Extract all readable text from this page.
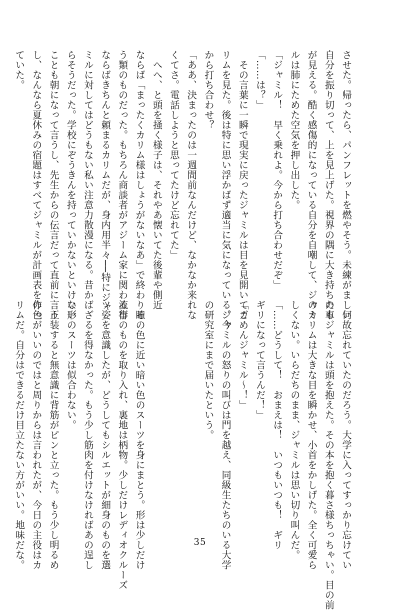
させた。帰ったら、パンフレットを燃やそう。未練がましい
自分を振り切って、上を見上げた。視界の隅に大き持ちの車
が見える。酷く感傷的になっている自分を自嘲して、ジャミ
ルは肺にためた空気を押し出した。
「ジャミル！　早く乗れよ。今から打ち合わせだぞ」
「……は？」
　その言葉に一瞬で現実に戻ったジャミルは目を見開いてカ
リムを見た。後は特に思い浮かばず適当に気になっている。今
から打ち合わせ？
「ああ、決まったのは一週間前なんだけど、なかなか来れな
くてさ。電話しようと思ってたけど忘れてた」
　へへ、と頭を掻く様子は、それやあ懐いてた後輩や側近
ならば「まったくカリム様はしょうがないなあ」で終わりそ
う類のものだった。もちろん商談者がアジーム家に関わる事
ならばきちんと頼まるカリムだが、身内用半々──特にジャ
ミルに対してはどうもない私い注意力散漫になる。昔か
らそうだった。学校にぞうきんを持っていかないといけない
ことも朝になって言うし、先生からの伝言だって直前に言う
し、なんなら夏休みの宿題はすべてジャミルが計画表を作っ
ていた。
　何故忘れていたのだろう。大学に入ってすっかり忘けてい
たもジャミルは頭を抱えた。その本を抱く暮さ様ちっちゃい。目の前
のカリムは大きな目を瞬かせ、小首をかしげた。全く可愛ら
しくない。いらだちのまま、ジャミルは思い切り叫んだ。
「……どうして！　おまえは！　いつもいつも！　ギリ
ギリになって言うんだ！」
「ごめんジャミル～！」
　ジャミルの怒りの叫びは門を越え、同級生たちのいる大学
の研究室にまで届いたという。

　瞳の色に近い暗い色のスーツを身にまとう。形は少しだけ
流行のものを取り入れ、裏地は柄物。少しだけレディオクルーズ
ツ姿を意識したが、どうしてもシルエットが細身のものを選
ばざるを得なかった。もう少し筋肉を付けなければあの逞し
い形のスーツは似合わない。
　正装すると無意識に背筋がピンと立った。もう少し明るめ
の色がいいのではと周りからは言われたが、今日の主役はカ
リムだ。自分はできるだけ目立たない方がいい。地味だな。	35
